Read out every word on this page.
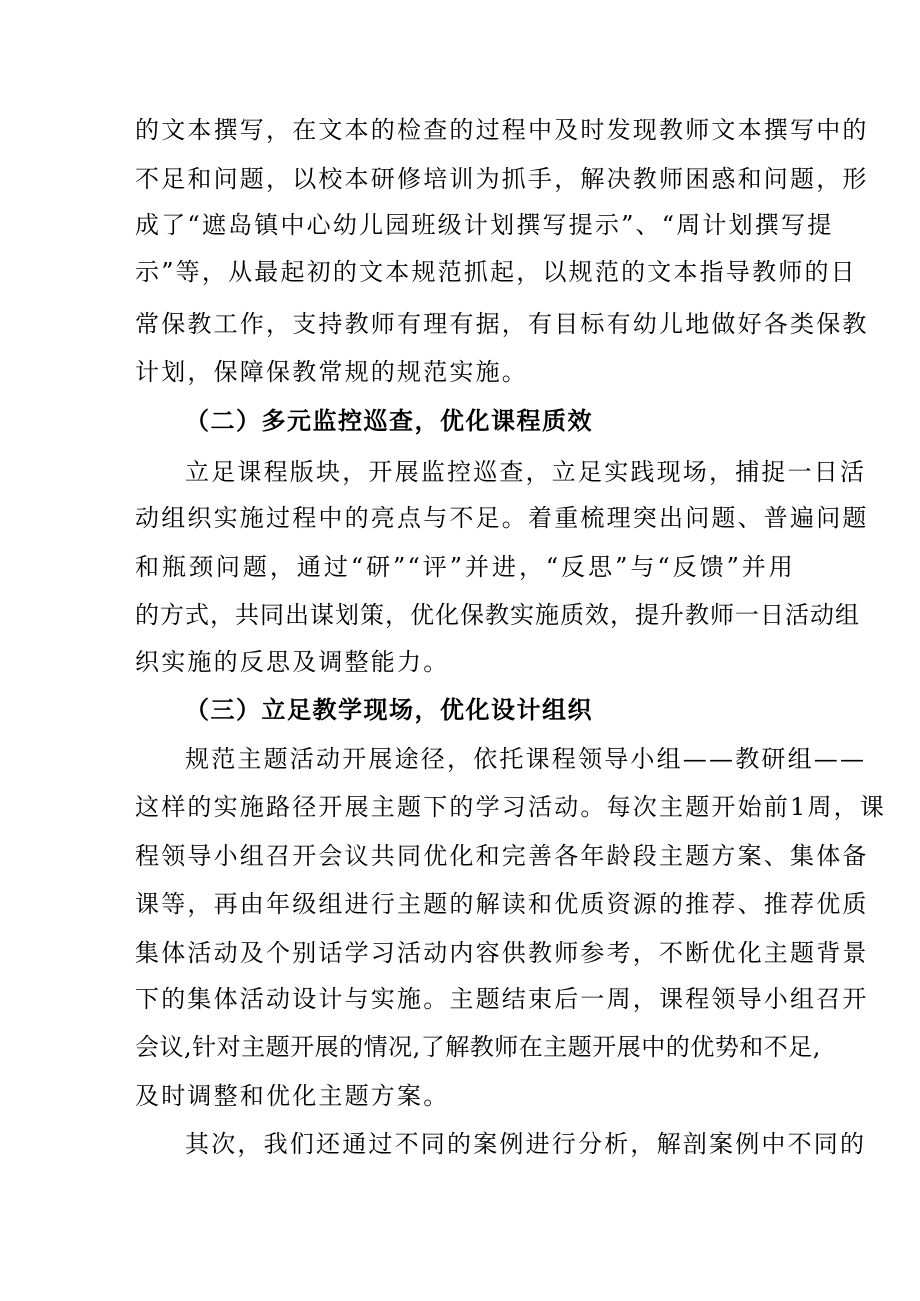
的文本撰写，在文本的检查的过程中及时发现教师文本撰写中的
不足和问题，以校本研修培训为抓手，解决教师困惑和问题，形
成了“遮岛镇中心幼儿园班级计划撰写提示”、“周计划撰写提
示”等，从最起初的文本规范抓起，以规范的文本指导教师的日
常保教工作，支持教师有理有据，有目标有幼儿地做好各类保教
计划，保障保教常规的规范实施。
（二）多元监控巡查，优化课程质效
立足课程版块，开展监控巡查，立足实践现场，捕捉一日活
动组织实施过程中的亮点与不足。着重梳理突出问题、普遍问题
和瓶颈问题，通过“研”“评”并进，“反思”与“反馈”并用
的方式，共同出谋划策，优化保教实施质效，提升教师一日活动组
织实施的反思及调整能力。
（三）立足教学现场，优化设计组织
规范主题活动开展途径，依托课程领导小组——教研组——
这样的实施路径开展主题下的学习活动。每次主题开始前1周，课
程领导小组召开会议共同优化和完善各年龄段主题方案、集体备
课等，再由年级组进行主题的解读和优质资源的推荐、推荐优质
集体活动及个别话学习活动内容供教师参考，不断优化主题背景
下的集体活动设计与实施。主题结束后一周，课程领导小组召开
会议,针对主题开展的情况,了解教师在主题开展中的优势和不足,
及时调整和优化主题方案。
其次，我们还通过不同的案例进行分析，解剖案例中不同的
